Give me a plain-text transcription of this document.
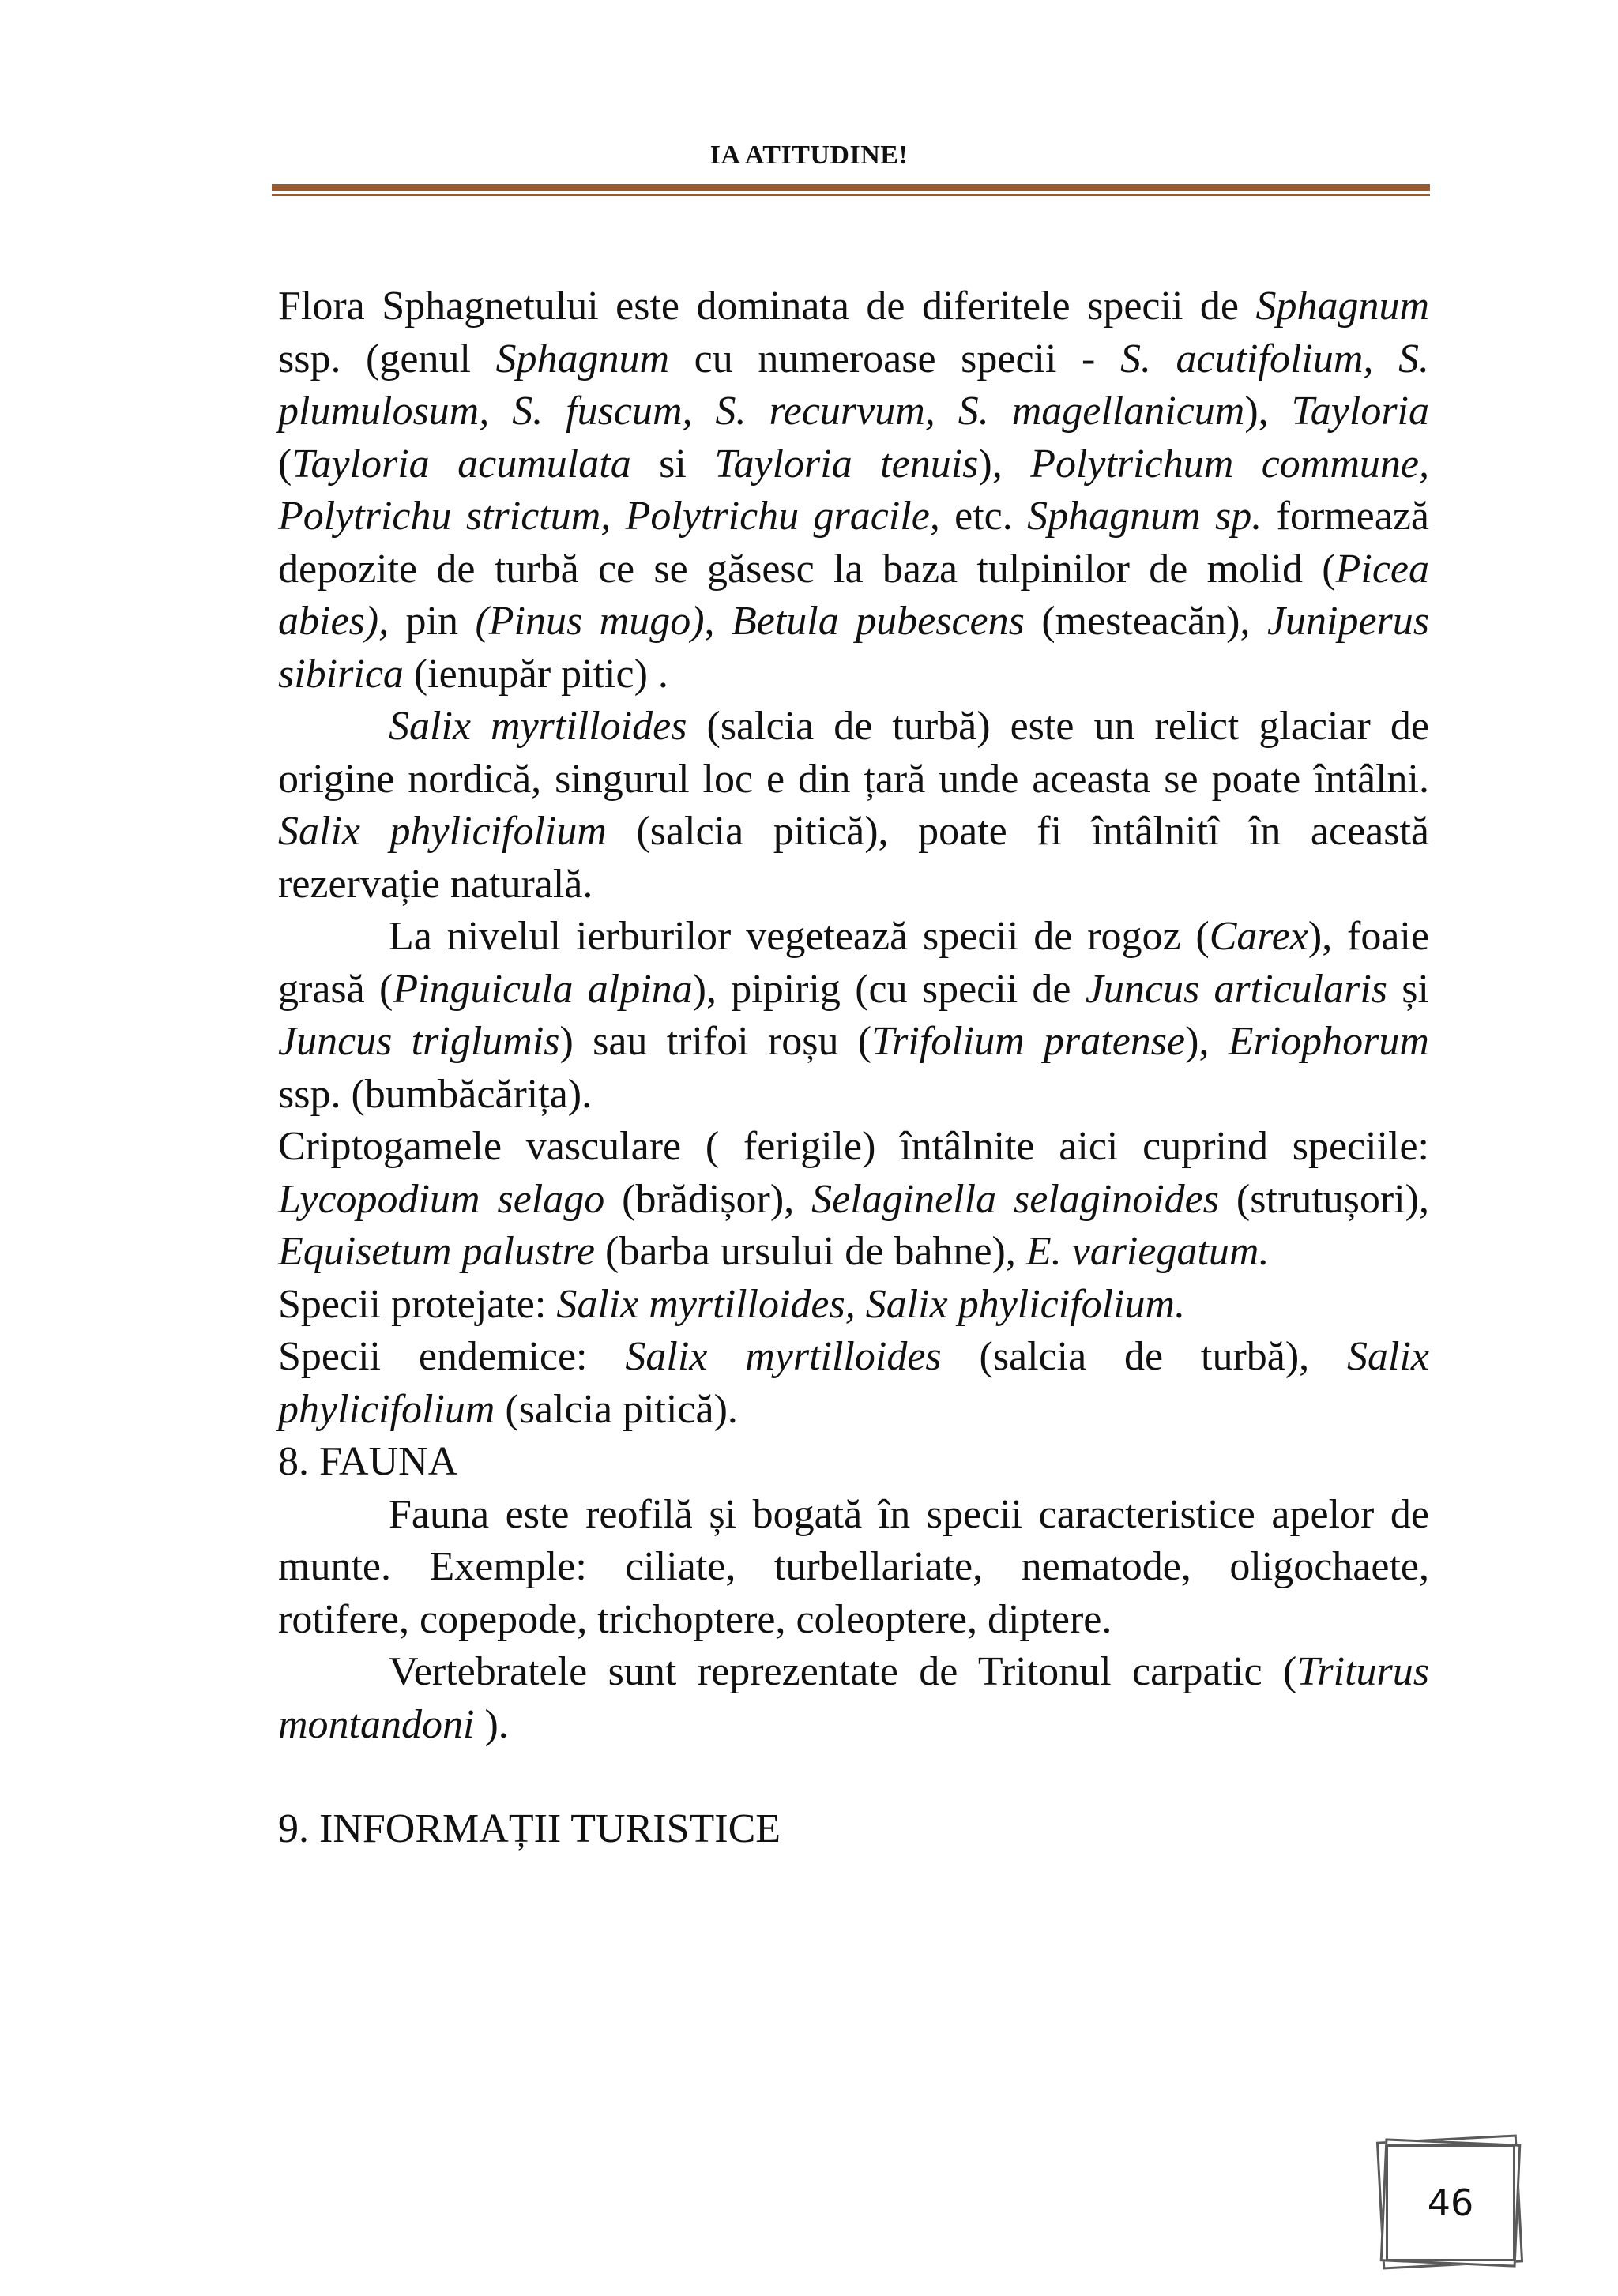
IA ATITUDINE!

Flora Sphagnetului este dominata de diferitele specii de Sphagnum ssp. (genul Sphagnum cu numeroase specii - S. acutifolium, S. plumulosum, S. fuscum, S. recurvum, S. magellanicum), Tayloria (Tayloria acumulata si Tayloria tenuis), Polytrichum commune, Polytrichu strictum, Polytrichu gracile, etc. Sphagnum sp. formează depozite de turbă ce se găsesc la baza tulpinilor de molid (Picea abies), pin (Pinus mugo), Betula pubescens (mesteacăn), Juniperus sibirica (ienupăr pitic) .

Salix myrtilloides (salcia de turbă) este un relict glaciar de origine nordică, singurul loc e din țară unde aceasta se poate întâlni. Salix phylicifolium (salcia pitică), poate fi întâlnitî în această rezervație naturală.

La nivelul ierburilor vegetează specii de rogoz (Carex), foaie grasă (Pinguicula alpina), pipirig (cu specii de Juncus articularis și Juncus triglumis) sau trifoi roșu (Trifolium pratense), Eriophorum ssp. (bumbăcărița).

Criptogamele vasculare ( ferigile) întâlnite aici cuprind speciile: Lycopodium selago (brădișor), Selaginella selaginoides (strutușori), Equisetum palustre (barba ursului de bahne), E. variegatum.

Specii protejate: Salix myrtilloides, Salix phylicifolium.

Specii endemice: Salix myrtilloides (salcia de turbă), Salix phylicifolium (salcia pitică).

8. FAUNA

Fauna este reofilă și bogată în specii caracteristice apelor de munte. Exemple: ciliate, turbellariate, nematode, oligochaete, rotifere, copepode, trichoptere, coleoptere, diptere.

Vertebratele sunt reprezentate de Tritonul carpatic (Triturus montandoni ).

9. INFORMAȚII TURISTICE

46
